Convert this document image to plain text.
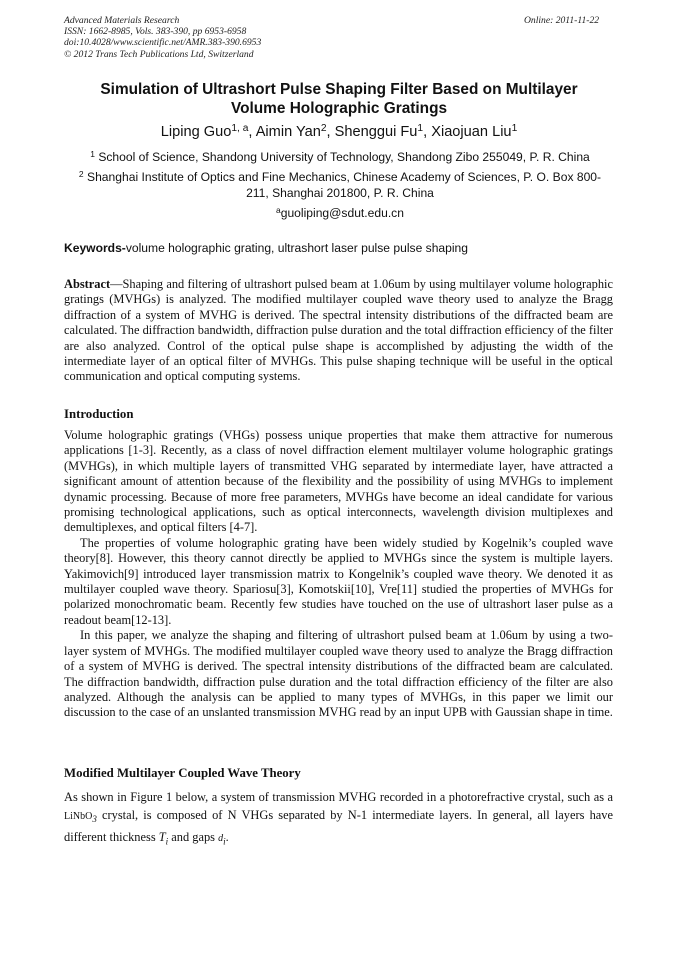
Advanced Materials Research
ISSN: 1662-8985, Vols. 383-390, pp 6953-6958
doi:10.4028/www.scientific.net/AMR.383-390.6953
© 2012 Trans Tech Publications Ltd, Switzerland
Online: 2011-11-22
Simulation of Ultrashort Pulse Shaping Filter Based on Multilayer
Volume Holographic Gratings
Liping Guo$^{1, a}$, Aimin Yan$^2$, Shenggui Fu$^1$, Xiaojuan Liu$^1$
$^1$ School of Science, Shandong University of Technology, Shandong Zibo 255049, P. R. China
$^2$ Shanghai Institute of Optics and Fine Mechanics, Chinese Academy of Sciences, P. O. Box 800-211, Shanghai 201800, P. R. China
$^a$guoliping@sdut.edu.cn
Keywords-volume holographic grating, ultrashort laser pulse pulse shaping
Abstract—Shaping and filtering of ultrashort pulsed beam at 1.06um by using multilayer volume holographic gratings (MVHGs) is analyzed. The modified multilayer coupled wave theory used to analyze the Bragg diffraction of a system of MVHG is derived. The spectral intensity distributions of the diffracted beam are calculated. The diffraction bandwidth, diffraction pulse duration and the total diffraction efficiency of the filter are also analyzed. Control of the optical pulse shape is accomplished by adjusting the width of the intermediate layer of an optical filter of MVHGs. This pulse shaping technique will be useful in the optical communication and optical computing systems.
Introduction
Volume holographic gratings (VHGs) possess unique properties that make them attractive for numerous applications [1-3]. Recently, as a class of novel diffraction element multilayer volume holographic gratings (MVHGs), in which multiple layers of transmitted VHG separated by intermediate layer, have attracted a significant amount of attention because of the flexibility and the possibility of using MVHGs to implement dynamic processing. Because of more free parameters, MVHGs have become an ideal candidate for various promising technological applications, such as optical interconnects, wavelength division multiplexes and demultiplexes, and optical filters [4-7].
The properties of volume holographic grating have been widely studied by Kogelnik’s coupled wave theory[8]. However, this theory cannot directly be applied to MVHGs since the system is multiple layers. Yakimovich[9] introduced layer transmission matrix to Kongelnik’s coupled wave theory. We denoted it as multilayer coupled wave theory. Spariosu[3], Komotskii[10], Vre[11] studied the properties of MVHGs for polarized monochromatic beam. Recently few studies have touched on the use of ultrashort laser pulse as a readout beam[12-13].
In this paper, we analyze the shaping and filtering of ultrashort pulsed beam at 1.06um by using a two-layer system of MVHGs. The modified multilayer coupled wave theory used to analyze the Bragg diffraction of a system of MVHG is derived. The spectral intensity distributions of the diffracted beam are calculated. The diffraction bandwidth, diffraction pulse duration and the total diffraction efficiency of the filter are also analyzed. Although the analysis can be applied to many types of MVHGs, in this paper we limit our discussion to the case of an unslanted transmission MVHG read by an input UPB with Gaussian shape in time.
Modified Multilayer Coupled Wave Theory
As shown in Figure 1 below, a system of transmission MVHG recorded in a photorefractive crystal, such as a LiNbO$_3$ crystal, is composed of N VHGs separated by N-1 intermediate layers. In general, all layers have different thickness $T_i$ and gaps $d_i$.
